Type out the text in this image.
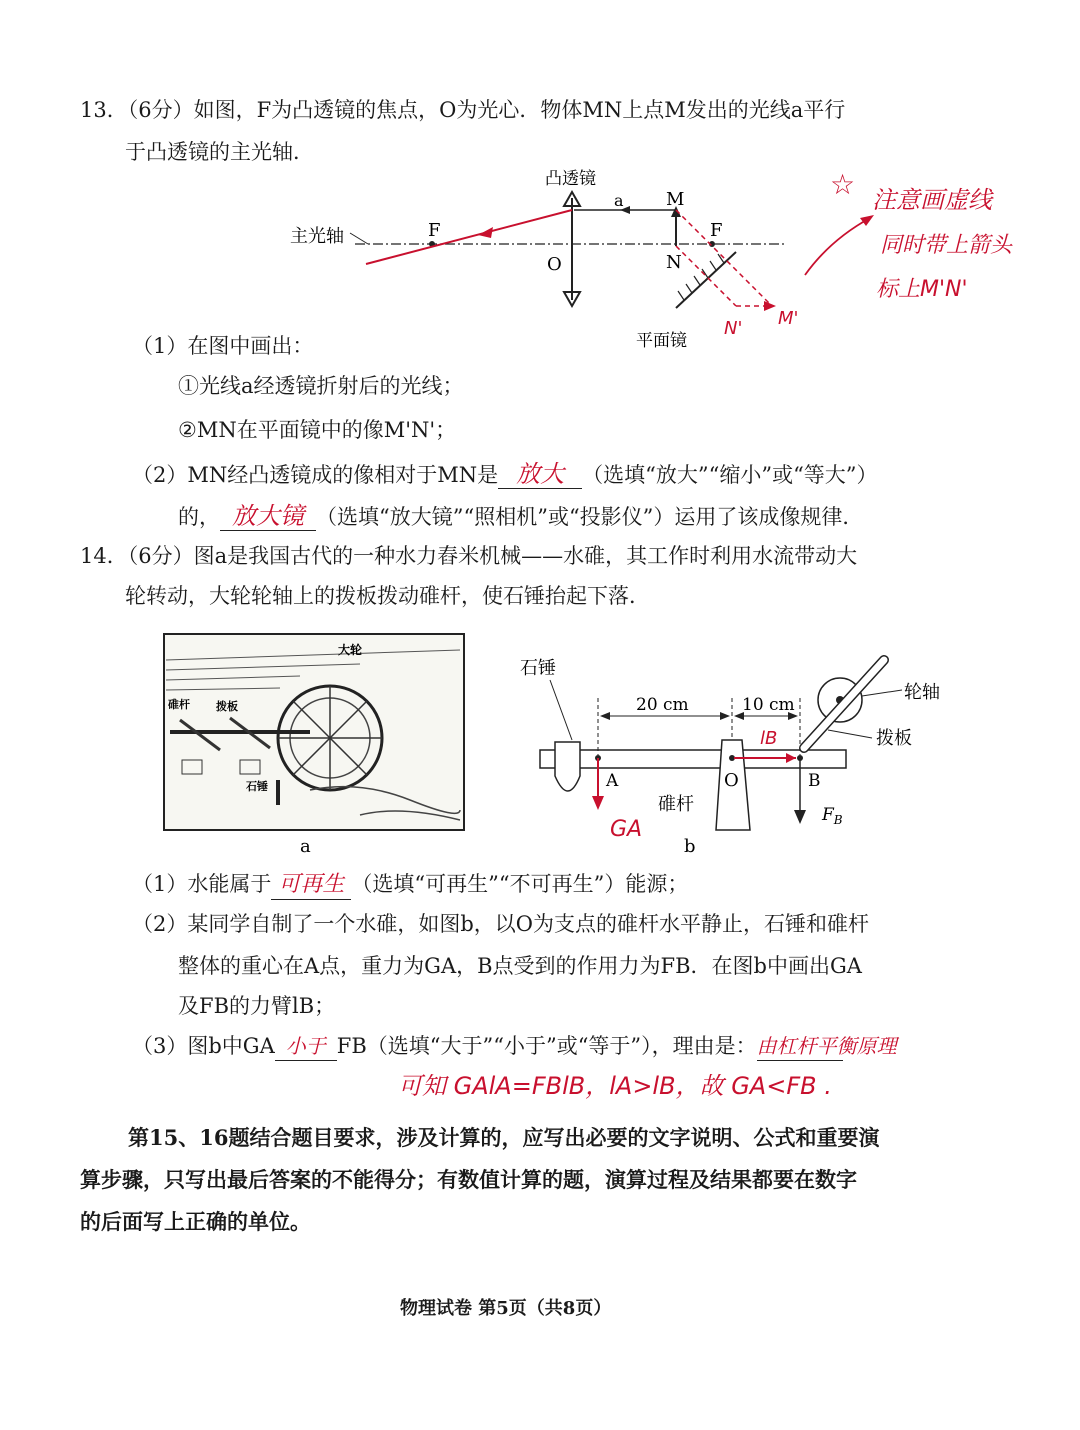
13．（6分）如图，F为凸透镜的焦点，O为光心．物体MN上点M发出的光线a平行
于凸透镜的主光轴．
主光轴
凸透镜
O
F	F
M
N
a
平面镜
N' M'
☆ 注意画虚线
同时带上箭头
标上M'N'
（1）在图中画出：
①光线a经透镜折射后的光线；
②MN在平面镜中的像M'N'；
（2）MN经凸透镜成的像相对于MN是 放大 （选填“放大”“缩小”或“等大”）
的， 放大镜 （选填“放大镜”“照相机”或“投影仪”）运用了该成像规律．
14．（6分）图a是我国古代的一种水力舂米机械——水碓，其工作时利用水流带动大
轮转动，大轮轮轴上的拨板拨动碓杆，使石锤抬起下落．
大轮
碓杆 拨板
石锤
a
石锤
O
20 cm	10 cm
A	B
$F_B$
GA
lB
轮轴
拨板
碓杆
b
（1）水能属于 可再生 （选填“可再生”“不可再生”）能源；
（2）某同学自制了一个水碓，如图b，以O为支点的碓杆水平静止，石锤和碓杆
整体的重心在A点，重力为GA，B点受到的作用力为FB．在图b中画出GA
及FB的力臂lB；
（3）图b中GA 小于 FB（选填“大于”“小于”或“等于”），理由是：由杠杆平衡原理
可知 GAlA=FBlB，lA>lB，故 GA<FB .
第15、16题结合题目要求，涉及计算的，应写出必要的文字说明、公式和重要演
算步骤，只写出最后答案的不能得分；有数值计算的题，演算过程及结果都要在数字
的后面写上正确的单位。
物理试卷 第5页（共8页）
